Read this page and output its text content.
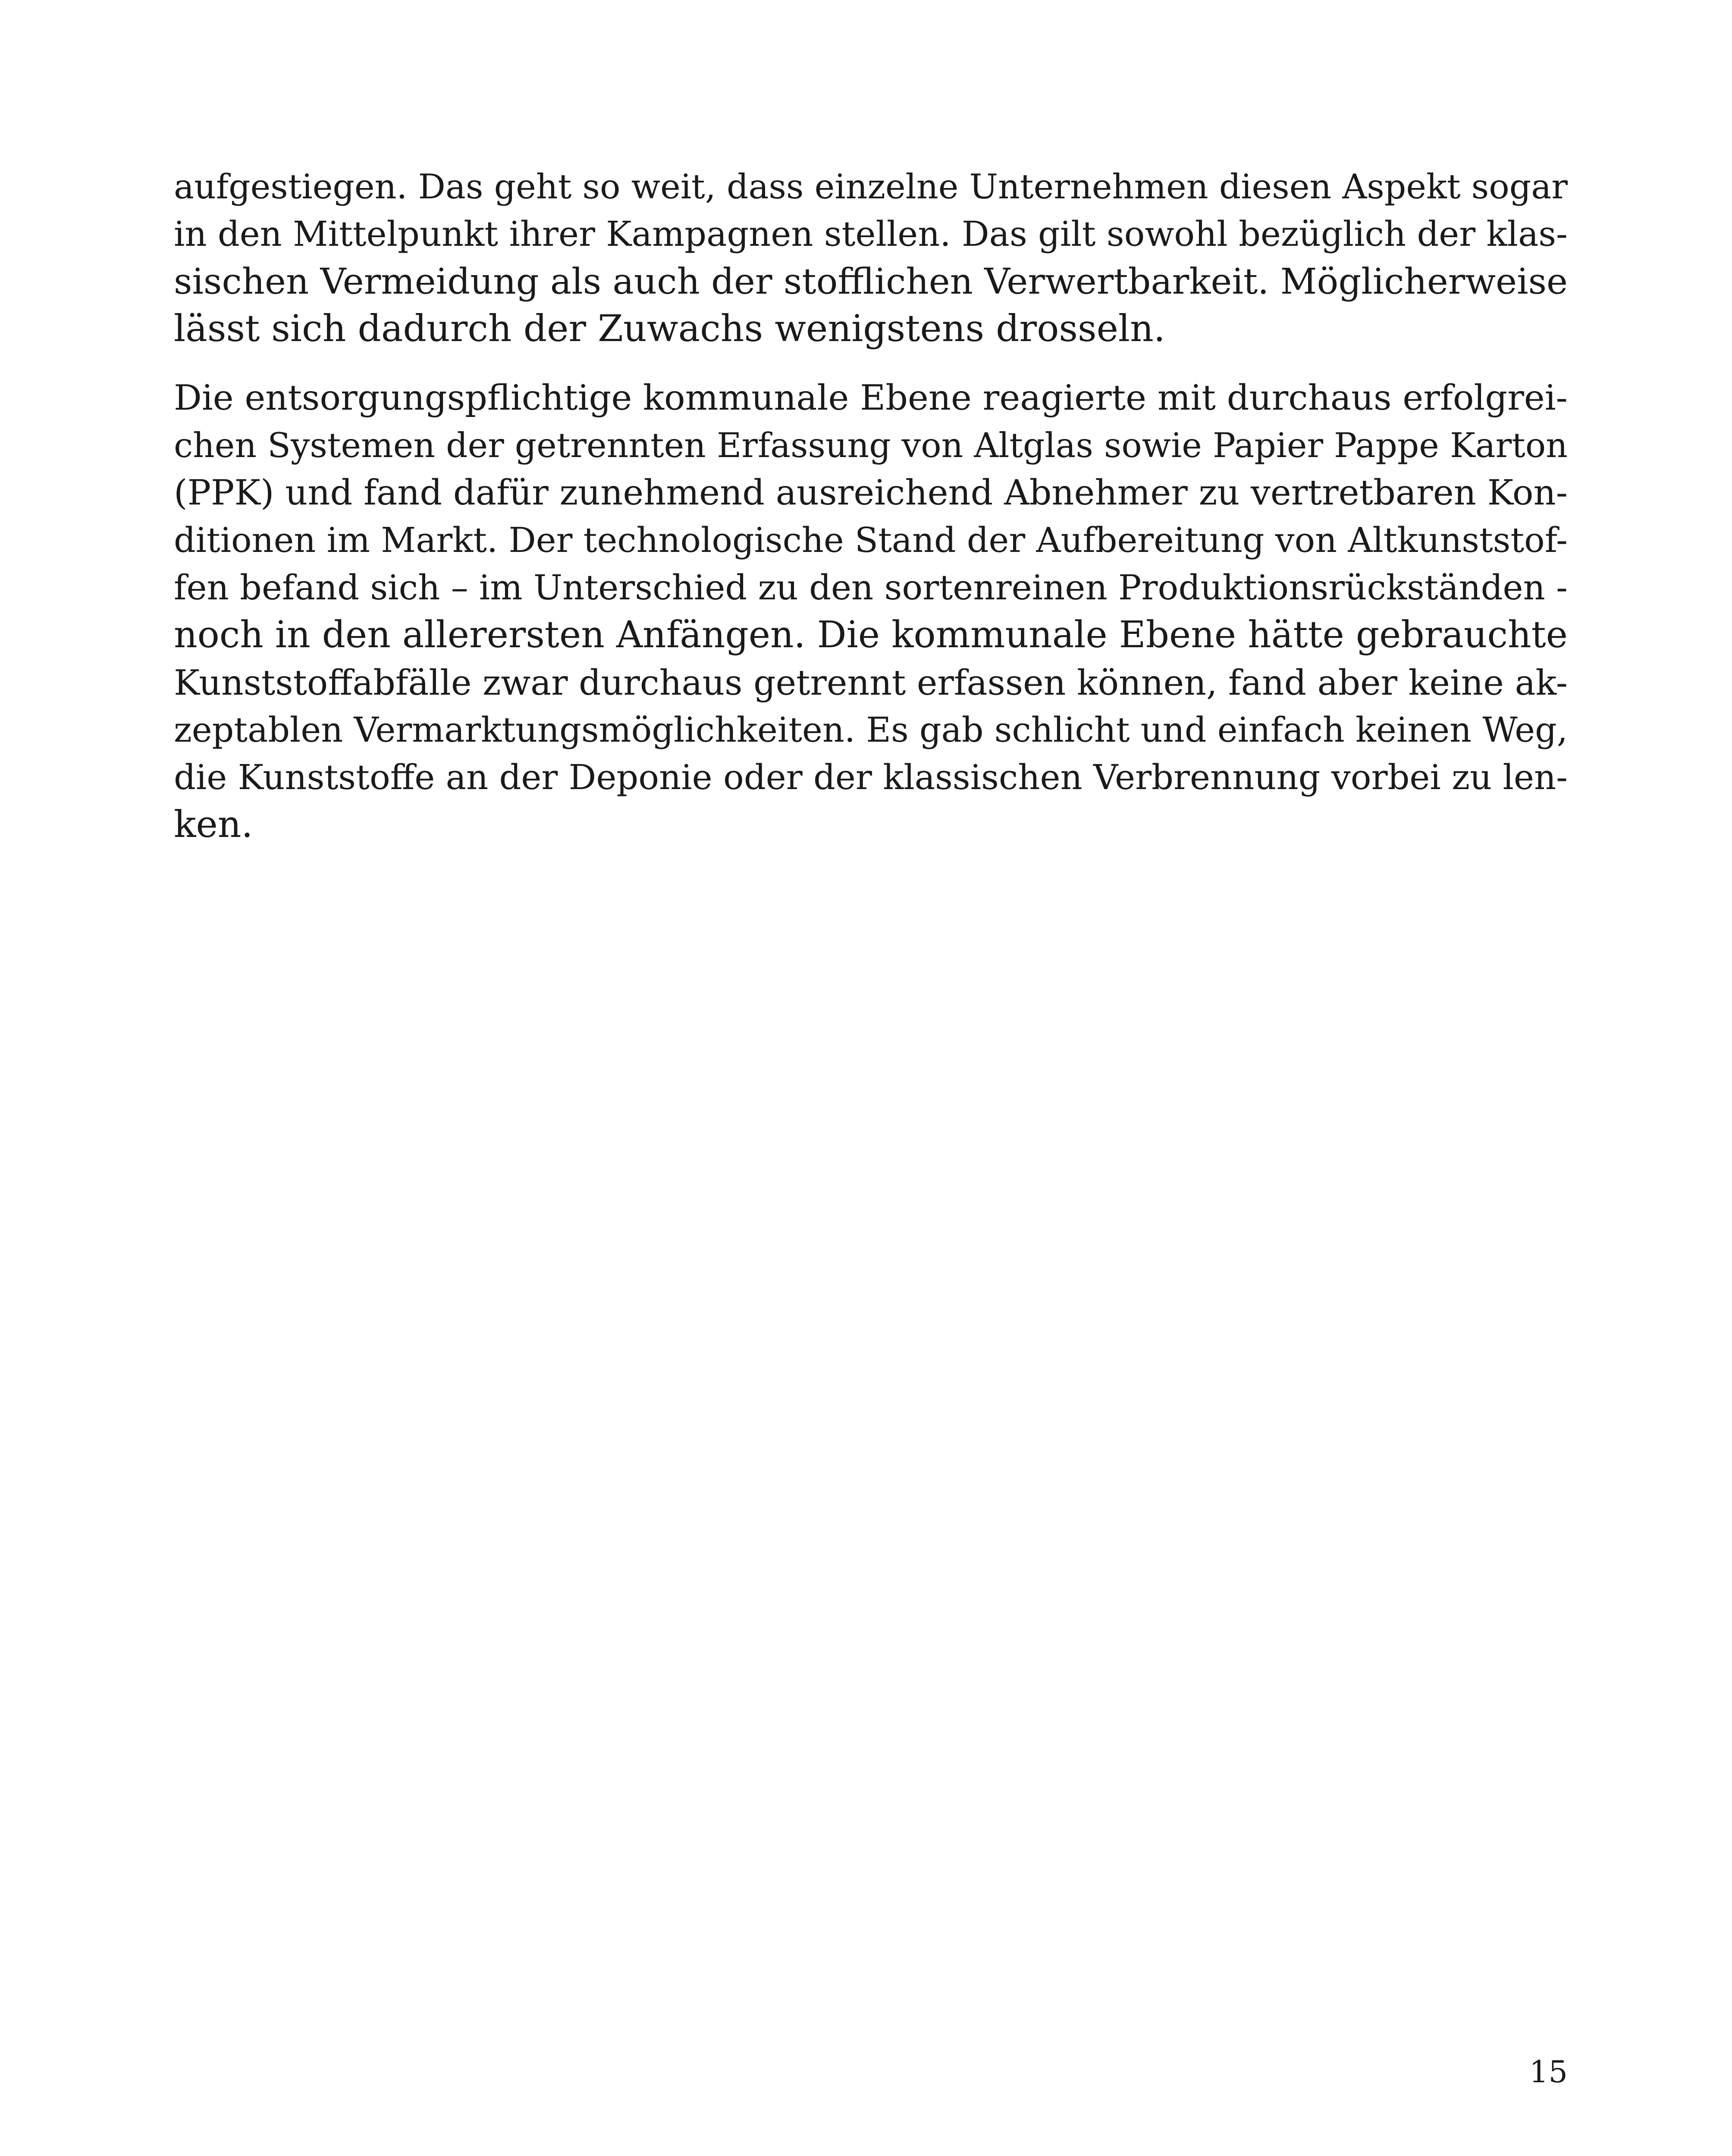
aufgestiegen. Das geht so weit, dass einzelne Unternehmen diesen Aspekt sogar
in den Mittelpunkt ihrer Kampagnen stellen. Das gilt sowohl bezüglich der klas-
sischen Vermeidung als auch der stofflichen Verwertbarkeit. Möglicherweise
lässt sich dadurch der Zuwachs wenigstens drosseln.
Die entsorgungspflichtige kommunale Ebene reagierte mit durchaus erfolgrei-
chen Systemen der getrennten Erfassung von Altglas sowie Papier Pappe Karton
(PPK) und fand dafür zunehmend ausreichend Abnehmer zu vertretbaren Kon-
ditionen im Markt. Der technologische Stand der Aufbereitung von Altkunststof-
fen befand sich – im Unterschied zu den sortenreinen Produktionsrückständen -
noch in den allerersten Anfängen. Die kommunale Ebene hätte gebrauchte
Kunststoffabfälle zwar durchaus getrennt erfassen können, fand aber keine ak-
zeptablen Vermarktungsmöglichkeiten. Es gab schlicht und einfach keinen Weg,
die Kunststoffe an der Deponie oder der klassischen Verbrennung vorbei zu len-
ken.
15
